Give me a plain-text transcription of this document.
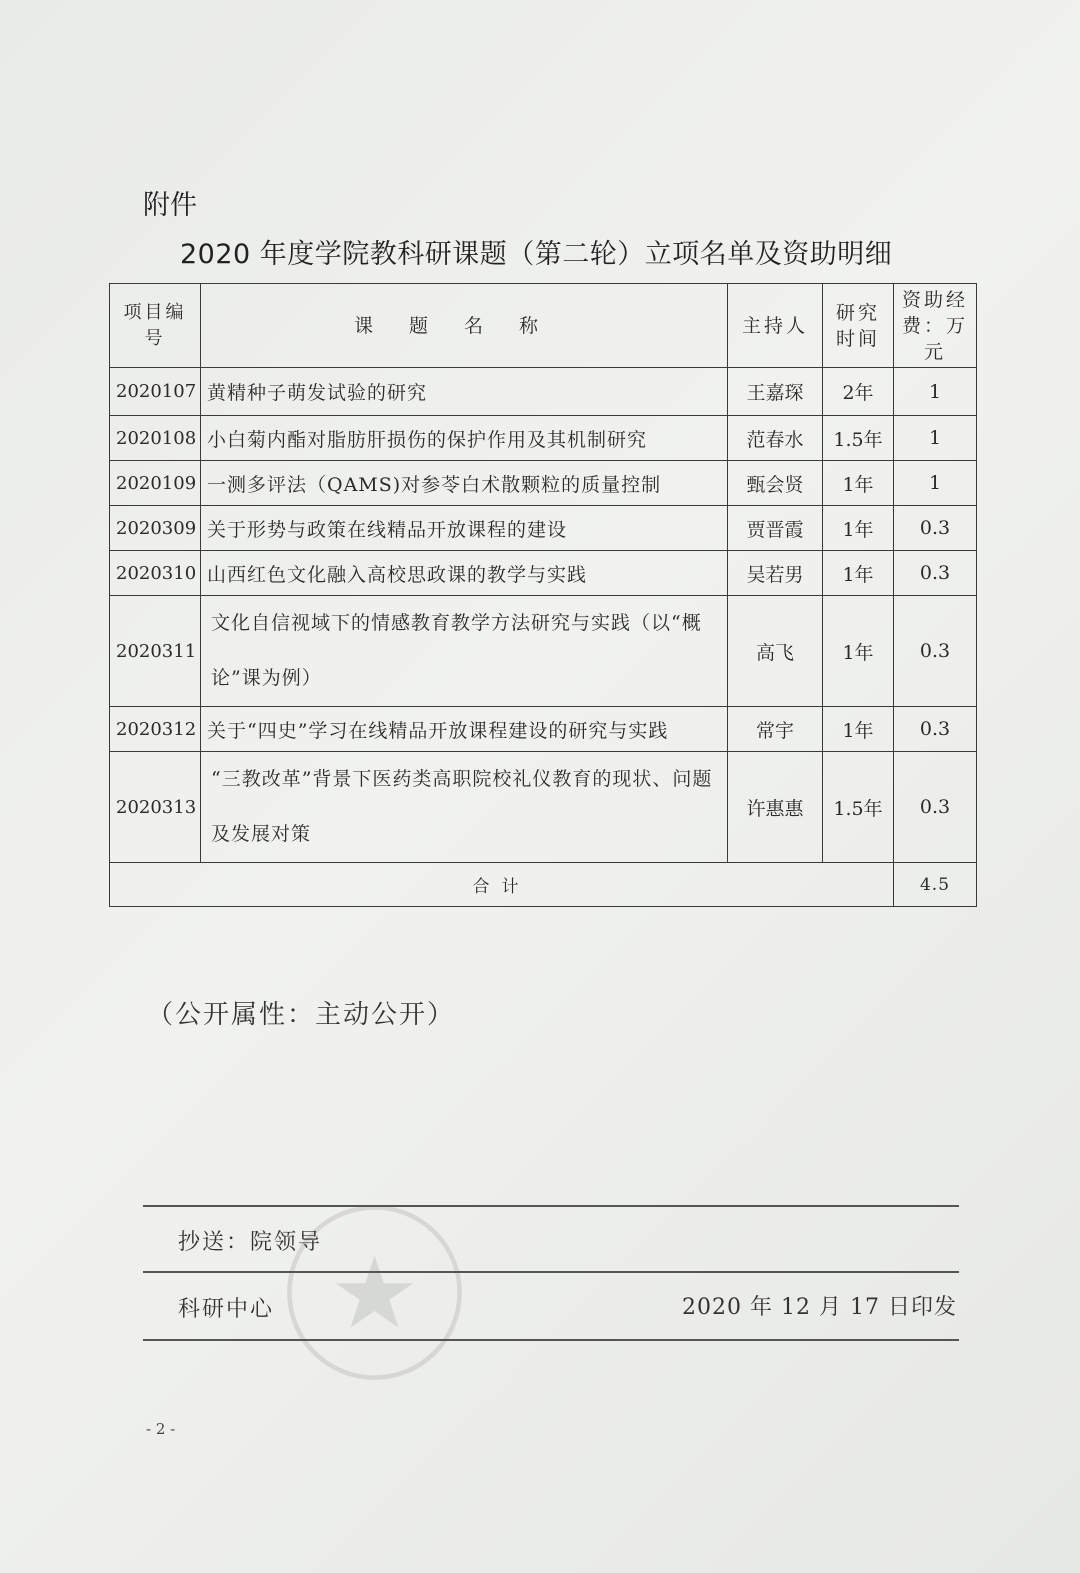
附件
2020 年度学院教科研课题（第二轮）立项名单及资助明细
项目编号	课题名称	主持人	研究时间	资助经费：万元
2020107	黄精种子萌发试验的研究	王嘉琛	2年	1
2020108	小白菊内酯对脂肪肝损伤的保护作用及其机制研究	范春水	1.5年	1
2020109	一测多评法（QAMS)对参苓白术散颗粒的质量控制	甄会贤	1年	1
2020309	关于形势与政策在线精品开放课程的建设	贾晋霞	1年	0.3
2020310	山西红色文化融入高校思政课的教学与实践	吴若男	1年	0.3
2020311	文化自信视域下的情感教育教学方法研究与实践（以“概论”课为例）	高飞	1年	0.3
2020312	关于“四史”学习在线精品开放课程建设的研究与实践	常宇	1年	0.3
2020313	“三教改革”背景下医药类高职院校礼仪教育的现状、问题及发展对策	许惠惠	1.5年	0.3
合计				4.5
（公开属性：主动公开）
抄送：院领导
科研中心	2020 年 12 月 17 日印发
- 2 -
